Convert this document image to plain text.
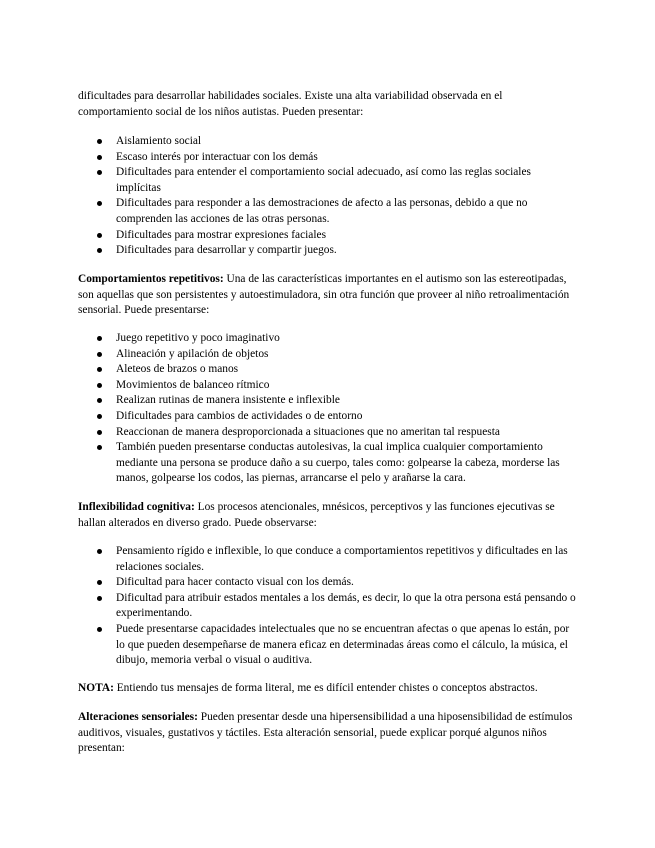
dificultades para desarrollar habilidades sociales. Existe una alta variabilidad observada en el comportamiento social de los niños autistas. Pueden presentar:

Aislamiento social
Escaso interés por interactuar con los demás
Dificultades para entender el comportamiento social adecuado, así como las reglas sociales implícitas
Dificultades para responder a las demostraciones de afecto a las personas, debido a que no comprenden las acciones de las otras personas.
Dificultades para mostrar expresiones faciales
Dificultades para desarrollar y compartir juegos.

Comportamientos repetitivos: Una de las características importantes en el autismo son las estereotipadas, son aquellas que son persistentes y autoestimuladora, sin otra función que proveer al niño retroalimentación sensorial. Puede presentarse:

Juego repetitivo y poco imaginativo
Alineación y apilación de objetos
Aleteos de brazos o manos
Movimientos de balanceo rítmico
Realizan rutinas de manera insistente e inflexible
Dificultades para cambios de actividades o de entorno
Reaccionan de manera desproporcionada a situaciones que no ameritan tal respuesta
También pueden presentarse conductas autolesivas, la cual implica cualquier comportamiento mediante una persona se produce daño a su cuerpo, tales como: golpearse la cabeza, morderse las manos, golpearse los codos, las piernas, arrancarse el pelo y arañarse la cara.

Inflexibilidad cognitiva: Los procesos atencionales, mnésicos, perceptivos y las funciones ejecutivas se hallan alterados en diverso grado. Puede observarse:

Pensamiento rígido e inflexible, lo que conduce a comportamientos repetitivos y dificultades en las relaciones sociales.
Dificultad para hacer contacto visual con los demás.
Dificultad para atribuir estados mentales a los demás, es decir, lo que la otra persona está pensando o experimentando.
Puede presentarse capacidades intelectuales que no se encuentran afectas o que apenas lo están, por lo que pueden desempeñarse de manera eficaz en determinadas áreas como el cálculo, la música, el dibujo, memoria verbal o visual o auditiva.

NOTA: Entiendo tus mensajes de forma literal, me es difícil entender chistes o conceptos abstractos.

Alteraciones sensoriales: Pueden presentar desde una hipersensibilidad a una hiposensibilidad de estímulos auditivos, visuales, gustativos y táctiles. Esta alteración sensorial, puede explicar porqué algunos niños presentan:
